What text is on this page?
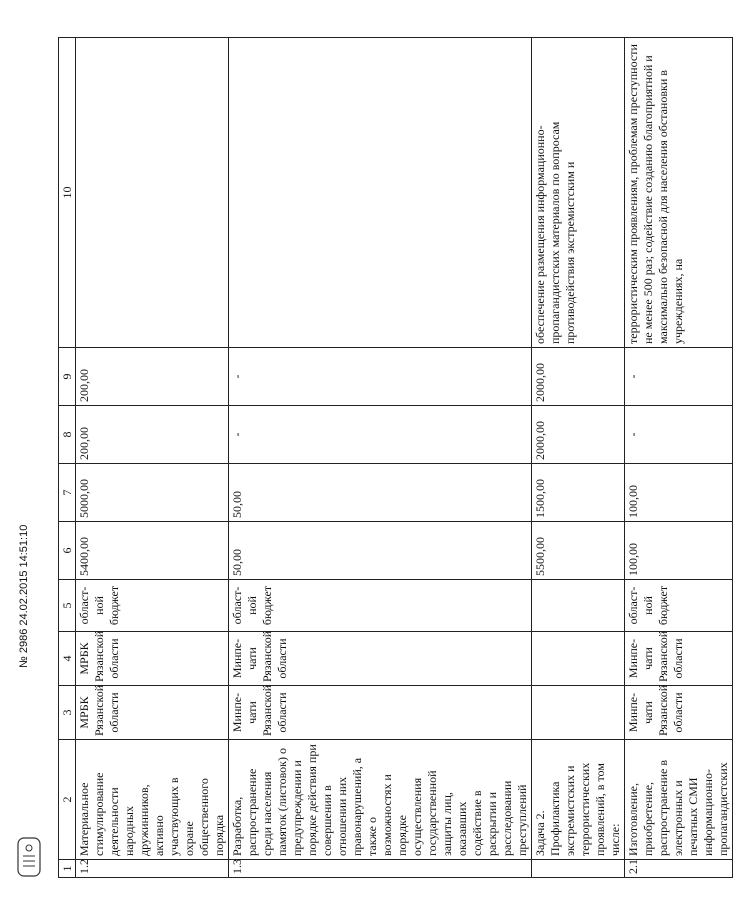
1	2	3	4	5	6	7	8	9	10
1.2	Материальное стимулирование деятельности народных дружинников, активно участвующих в охране общественного порядка	МРБК Рязанской области	МРБК Рязанской области	област-ной бюджет	5400,00	5000,00	200,00	200,00	
1.3	Разработка, распространение среди населения памяток (листовок) о предупреждении и порядке действия при совершении в отношении них правонарушений, а также о возможностях и порядке осуществления государственной защиты лиц, оказавших содействие в раскрытии и расследовании преступлений	Минпе-чати Рязанской области	Минпе-чати Рязанской области	област-ной бюджет	50,00	50,00	-	-	
	Задача 2. Профилактика экстремистских и террористических проявлений, в том числе:				5500,00	1500,00	2000,00	2000,00	обеспечение размещения информационно-пропагандистских материалов по вопросам противодействия экстремистским и
2.1	Изготовление, приобретение, распространение в электронных и печатных СМИ информационно-пропагандистских	Минпе-чати Рязанской области	Минпе-чати Рязанской области	област-ной бюджет	100,00	100,00	-	-	террористическим проявлениям, проблемам преступности не менее 500 раз; содействие созданию благоприятной и максимально безопасной для населения обстановки в учреждениях, на
№ 2986 24.02.2015 14:51:10
